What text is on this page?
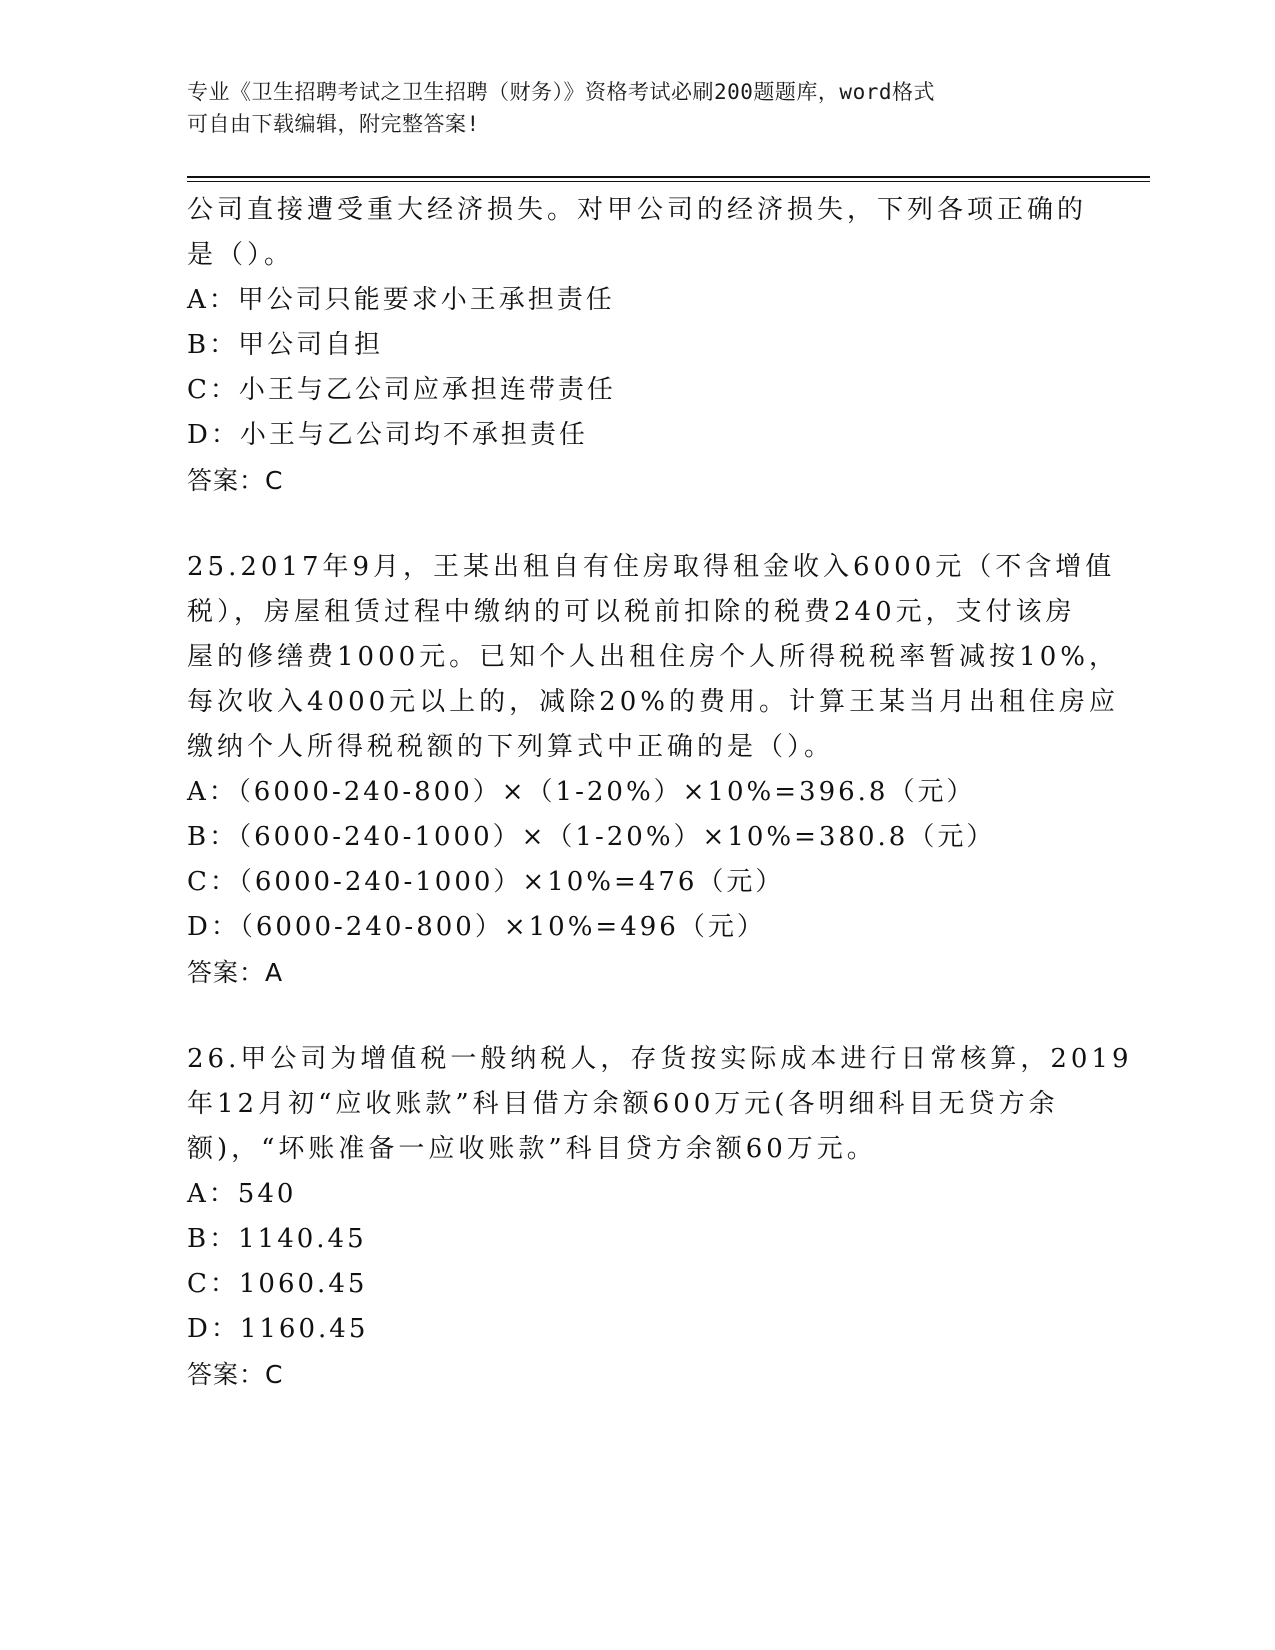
专业《卫生招聘考试之卫生招聘（财务）》资格考试必刷200题题库，word格式
可自由下载编辑，附完整答案!
公司直接遭受重大经济损失。对甲公司的经济损失，下列各项正确的
是（）。
A：甲公司只能要求小王承担责任
B：甲公司自担
C：小王与乙公司应承担连带责任
D：小王与乙公司均不承担责任
答案：C
25.2017年9月，王某出租自有住房取得租金收入6000元（不含增值
税），房屋租赁过程中缴纳的可以税前扣除的税费240元，支付该房
屋的修缮费1000元。已知个人出租住房个人所得税税率暂减按10%，
每次收入4000元以上的，减除20%的费用。计算王某当月出租住房应
缴纳个人所得税税额的下列算式中正确的是（）。
A：（6000-240-800）×（1-20%）×10%=396.8（元）
B：（6000-240-1000）×（1-20%）×10%=380.8（元）
C：（6000-240-1000）×10%=476（元）
D：（6000-240-800）×10%=496（元）
答案：A
26.甲公司为增值税一般纳税人，存货按实际成本进行日常核算，2019
年12月初“应收账款”科目借方余额600万元(各明细科目无贷方余
额)，“坏账准备一应收账款”科目贷方余额60万元。
A：540
B：1140.45
C：1060.45
D：1160.45
答案：C
